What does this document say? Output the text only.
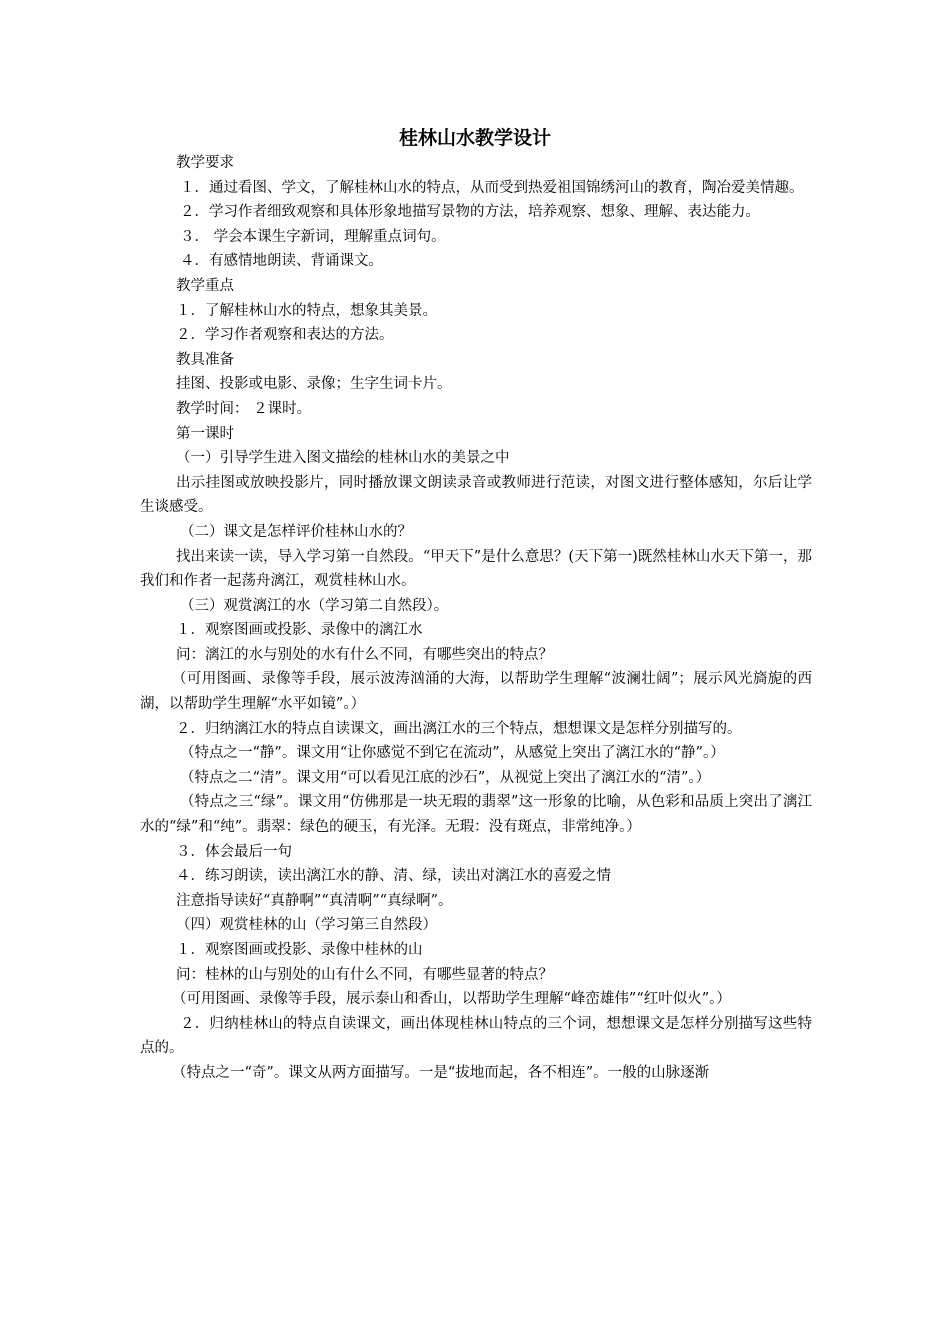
桂林山水教学设计

教学要求

１．通过看图、学文，了解桂林山水的特点，从而受到热爱祖国锦绣河山的教育，陶冶爱美情趣。

２．学习作者细致观察和具体形象地描写景物的方法，培养观察、想象、理解、表达能力。

３． 学会本课生字新词，理解重点词句。

４．有感情地朗读、背诵课文。

教学重点

１．了解桂林山水的特点，想象其美景。

２．学习作者观察和表达的方法。

教具准备

挂图、投影或电影、录像；生字生词卡片。

教学时间： ２课时。

第一课时

（一）引导学生进入图文描绘的桂林山水的美景之中

出示挂图或放映投影片，同时播放课文朗读录音或教师进行范读，对图文进行整体感知，尔后让学生谈感受。

（二）课文是怎样评价桂林山水的？

找出来读一读，导入学习第一自然段。“甲天下”是什么意思？(天下第一)既然桂林山水天下第一，那我们和作者一起荡舟漓江，观赏桂林山水。

（三）观赏漓江的水（学习第二自然段）。

１．观察图画或投影、录像中的漓江水

问：漓江的水与别处的水有什么不同，有哪些突出的特点？

（可用图画、录像等手段，展示波涛汹涌的大海，以帮助学生理解“波澜壮阔”；展示风光旖旎的西湖，以帮助学生理解“水平如镜”。）

２．归纳漓江水的特点自读课文，画出漓江水的三个特点，想想课文是怎样分别描写的。

（特点之一“静”。课文用“让你感觉不到它在流动”，从感觉上突出了漓江水的“静”。）

（特点之二“清”。课文用“可以看见江底的沙石”，从视觉上突出了漓江水的“清”。）

（特点之三“绿”。课文用“仿佛那是一块无瑕的翡翠”这一形象的比喻，从色彩和品质上突出了漓江水的“绿”和“纯”。翡翠：绿色的硬玉，有光泽。无瑕：没有斑点，非常纯净。）

３．体会最后一句

４．练习朗读，读出漓江水的静、清、绿，读出对漓江水的喜爱之情

注意指导读好“真静啊”“真清啊”“真绿啊”。

（四）观赏桂林的山（学习第三自然段）

１．观察图画或投影、录像中桂林的山

问：桂林的山与别处的山有什么不同，有哪些显著的特点？

（可用图画、录像等手段，展示泰山和香山，以帮助学生理解“峰峦雄伟”“红叶似火”。）

２．归纳桂林山的特点自读课文，画出体现桂林山特点的三个词，想想课文是怎样分别描写这些特点的。

（特点之一“奇”。课文从两方面描写。一是“拔地而起，各不相连”。一般的山脉逐渐
